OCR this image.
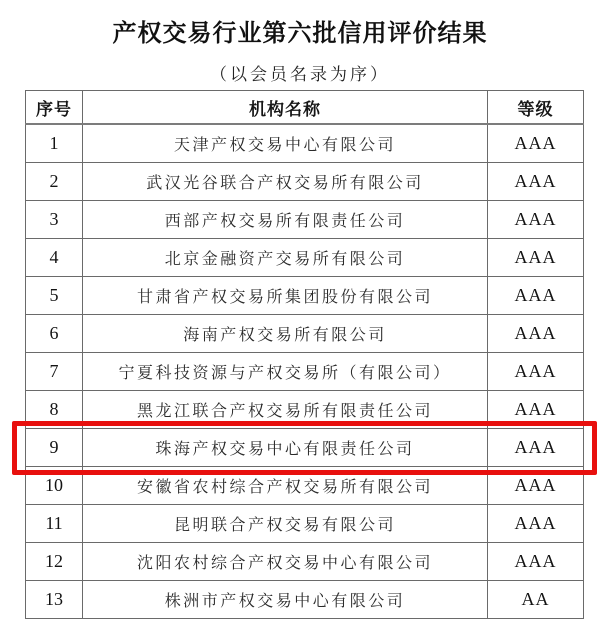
产权交易行业第六批信用评价结果
（以会员名录为序）
序号	机构名称	等级
1	天津产权交易中心有限公司	AAA
2	武汉光谷联合产权交易所有限公司	AAA
3	西部产权交易所有限责任公司	AAA
4	北京金融资产交易所有限公司	AAA
5	甘肃省产权交易所集团股份有限公司	AAA
6	海南产权交易所有限公司	AAA
7	宁夏科技资源与产权交易所（有限公司）	AAA
8	黑龙江联合产权交易所有限责任公司	AAA
9	珠海产权交易中心有限责任公司	AAA
10	安徽省农村综合产权交易所有限公司	AAA
11	昆明联合产权交易有限公司	AAA
12	沈阳农村综合产权交易中心有限公司	AAA
13	株洲市产权交易中心有限公司	AA
